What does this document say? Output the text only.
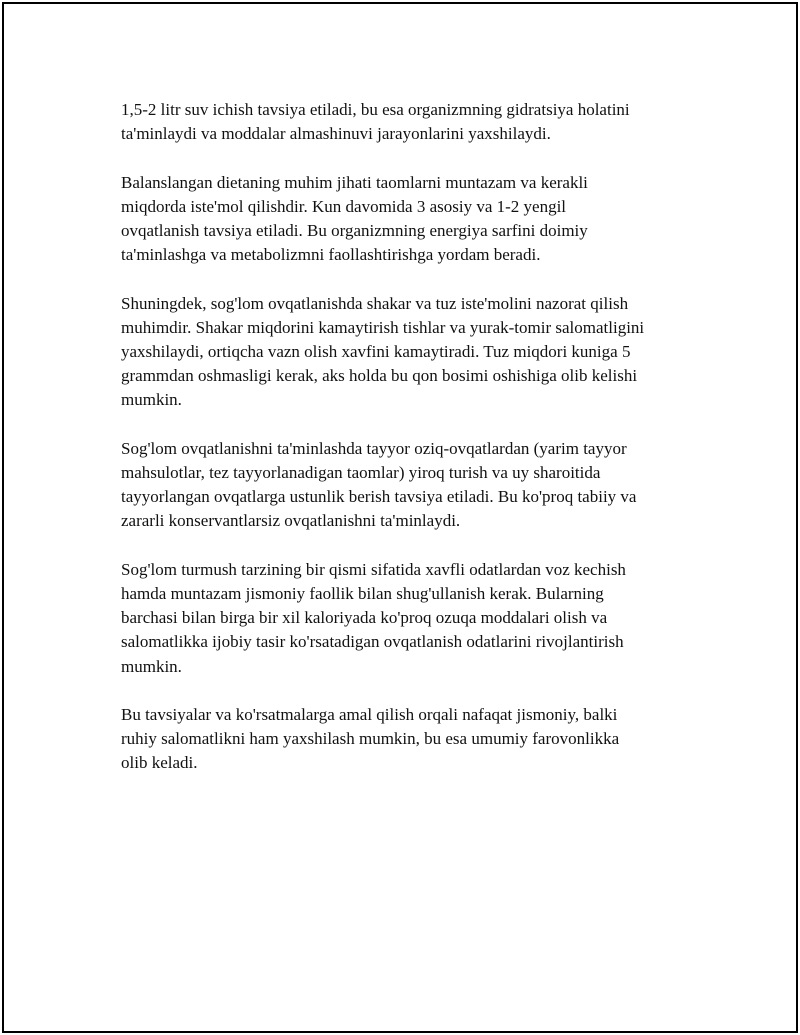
1,5-2 litr suv ichish tavsiya etiladi, bu esa organizmning gidratsiya holatini
ta'minlaydi va moddalar almashinuvi jarayonlarini yaxshilaydi.

Balanslangan dietaning muhim jihati taomlarni muntazam va kerakli
miqdorda iste'mol qilishdir. Kun davomida 3 asosiy va 1-2 yengil
ovqatlanish tavsiya etiladi. Bu organizmning energiya sarfini doimiy
ta'minlashga va metabolizmni faollashtirishga yordam beradi.

Shuningdek, sog'lom ovqatlanishda shakar va tuz iste'molini nazorat qilish
muhimdir. Shakar miqdorini kamaytirish tishlar va yurak-tomir salomatligini
yaxshilaydi, ortiqcha vazn olish xavfini kamaytiradi. Tuz miqdori kuniga 5
grammdan oshmasligi kerak, aks holda bu qon bosimi oshishiga olib kelishi
mumkin.

Sog'lom ovqatlanishni ta'minlashda tayyor oziq-ovqatlardan (yarim tayyor
mahsulotlar, tez tayyorlanadigan taomlar) yiroq turish va uy sharoitida
tayyorlangan ovqatlarga ustunlik berish tavsiya etiladi. Bu ko'proq tabiiy va
zararli konservantlarsiz ovqatlanishni ta'minlaydi.

Sog'lom turmush tarzining bir qismi sifatida xavfli odatlardan voz kechish
hamda muntazam jismoniy faollik bilan shug'ullanish kerak. Bularning
barchasi bilan birga bir xil kaloriyada ko'proq ozuqa moddalari olish va
salomatlikka ijobiy tasir ko'rsatadigan ovqatlanish odatlarini rivojlantirish
mumkin.

Bu tavsiyalar va ko'rsatmalarga amal qilish orqali nafaqat jismoniy, balki
ruhiy salomatlikni ham yaxshilash mumkin, bu esa umumiy farovonlikka
olib keladi.
